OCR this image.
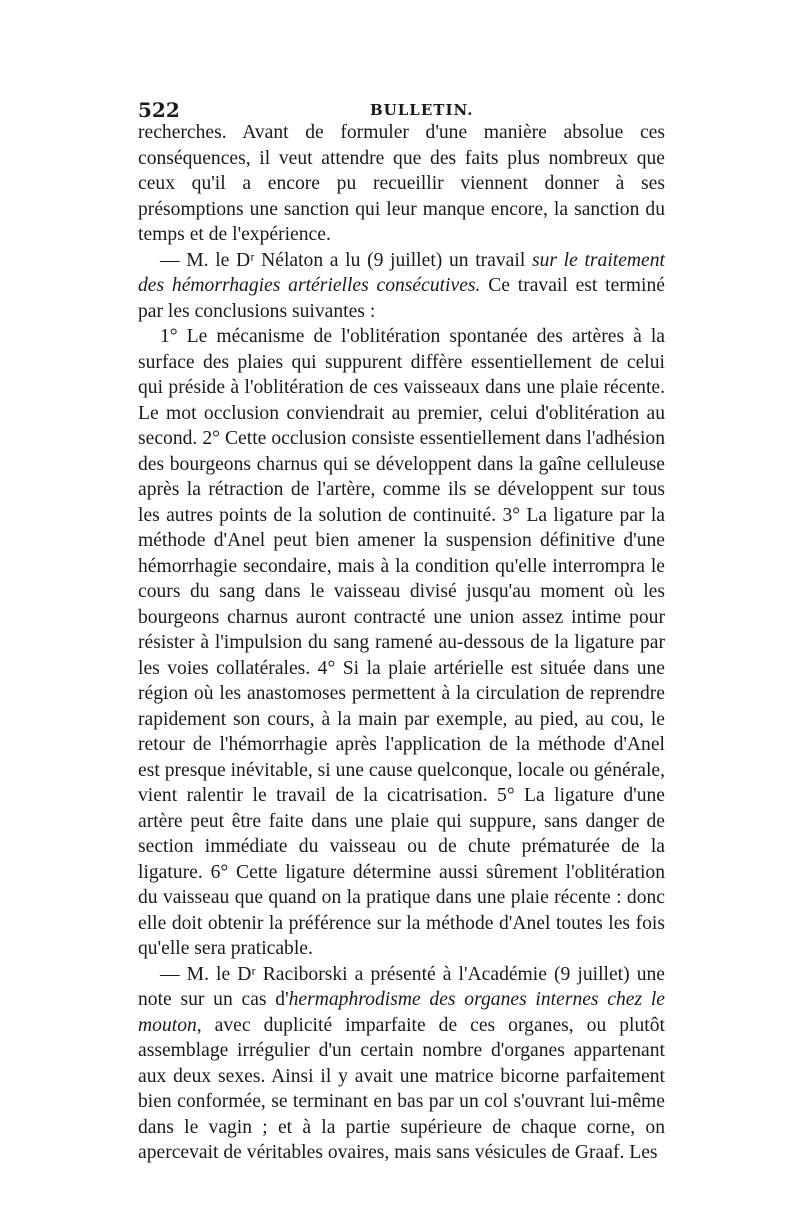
522	BULLETIN.

recherches. Avant de formuler d'une manière absolue ces conséquences, il veut attendre que des faits plus nombreux que ceux qu'il a encore pu recueillir viennent donner à ses présomptions une sanction qui leur manque encore, la sanction du temps et de l'expérience.

— M. le Dʳ Nélaton a lu (9 juillet) un travail sur le traitement des hémorrhagies artérielles consécutives. Ce travail est terminé par les conclusions suivantes :

1° Le mécanisme de l'oblitération spontanée des artères à la surface des plaies qui suppurent diffère essentiellement de celui qui préside à l'oblitération de ces vaisseaux dans une plaie récente. Le mot occlusion conviendrait au premier, celui d'oblitération au second. 2° Cette occlusion consiste essentiellement dans l'adhésion des bourgeons charnus qui se développent dans la gaîne celluleuse après la rétraction de l'artère, comme ils se développent sur tous les autres points de la solution de continuité. 3° La ligature par la méthode d'Anel peut bien amener la suspension définitive d'une hémorrhagie secondaire, mais à la condition qu'elle interrompra le cours du sang dans le vaisseau divisé jusqu'au moment où les bourgeons charnus auront contracté une union assez intime pour résister à l'impulsion du sang ramené au-dessous de la ligature par les voies collatérales. 4° Si la plaie artérielle est située dans une région où les anastomoses permettent à la circulation de reprendre rapidement son cours, à la main par exemple, au pied, au cou, le retour de l'hémorrhagie après l'application de la méthode d'Anel est presque inévitable, si une cause quelconque, locale ou générale, vient ralentir le travail de la cicatrisation. 5° La ligature d'une artère peut être faite dans une plaie qui suppure, sans danger de section immédiate du vaisseau ou de chute prématurée de la ligature. 6° Cette ligature détermine aussi sûrement l'oblitération du vaisseau que quand on la pratique dans une plaie récente : donc elle doit obtenir la préférence sur la méthode d'Anel toutes les fois qu'elle sera praticable.

— M. le Dʳ Raciborski a présenté à l'Académie (9 juillet) une note sur un cas d'hermaphrodisme des organes internes chez le mouton, avec duplicité imparfaite de ces organes, ou plutôt assemblage irrégulier d'un certain nombre d'organes appartenant aux deux sexes. Ainsi il y avait une matrice bicorne parfaitement bien conformée, se terminant en bas par un col s'ouvrant lui-même dans le vagin ; et à la partie supérieure de chaque corne, on apercevait de véritables ovaires, mais sans vésicules de Graaf. Les
